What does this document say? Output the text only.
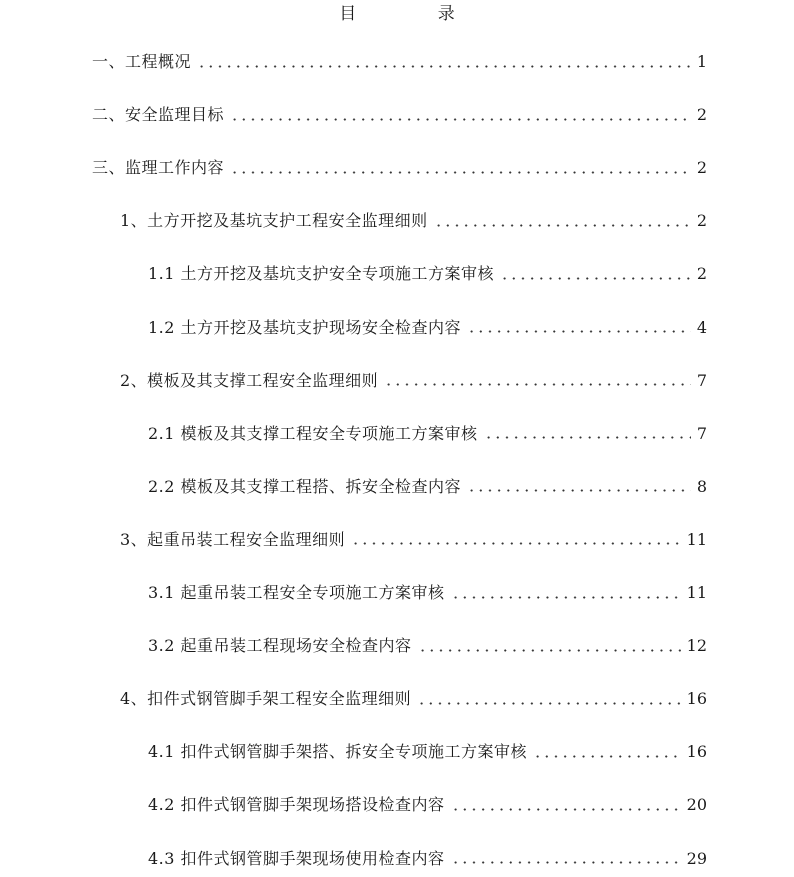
目 录
一、工程概况	1
二、安全监理目标	2
三、监理工作内容	2
1、土方开挖及基坑支护工程安全监理细则	2
1.1 土方开挖及基坑支护安全专项施工方案审核	2
1.2 土方开挖及基坑支护现场安全检查内容	4
2、模板及其支撑工程安全监理细则	7
2.1 模板及其支撑工程安全专项施工方案审核	7
2.2 模板及其支撑工程搭、拆安全检查内容	8
3、起重吊装工程安全监理细则	11
3.1 起重吊装工程安全专项施工方案审核	11
3.2 起重吊装工程现场安全检查内容	12
4、扣件式钢管脚手架工程安全监理细则	16
4.1 扣件式钢管脚手架搭、拆安全专项施工方案审核	16
4.2 扣件式钢管脚手架现场搭设检查内容	20
4.3 扣件式钢管脚手架现场使用检查内容	29
